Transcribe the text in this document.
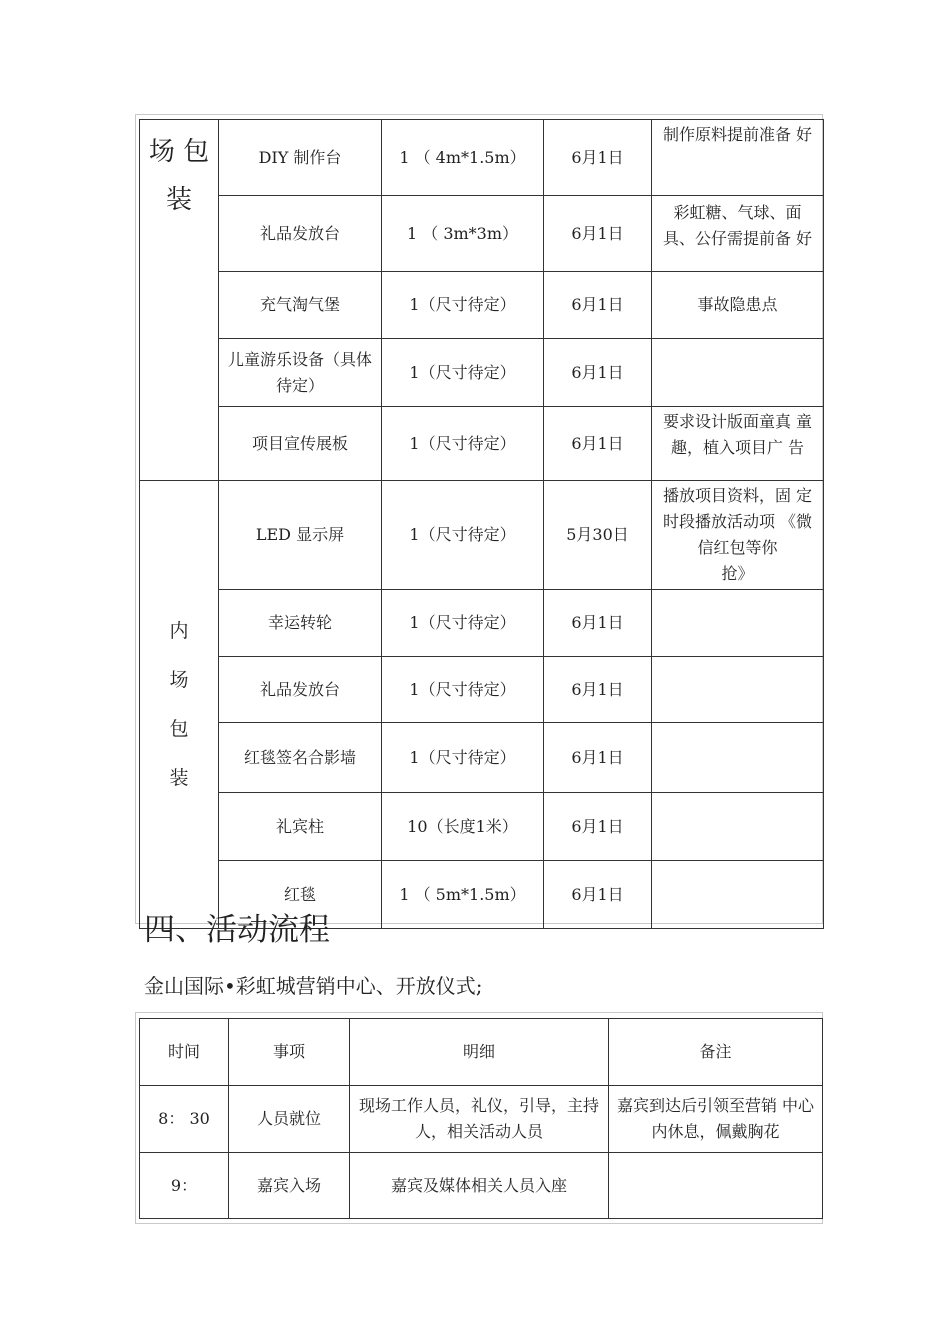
场 包
装	DIY 制作台	1 （ 4m*1.5m）	6月1日	制作原料提前准备 好
	礼品发放台	1 （ 3m*3m）	6月1日	彩虹糖、气球、面 具、公仔需提前备 好
	充气淘气堡	1（尺寸待定）	6月1日	事故隐患点
	儿童游乐设备（具体待定）	1（尺寸待定）	6月1日	
	项目宣传展板	1（尺寸待定）	6月1日	要求设计版面童真 童趣，植入项目广 告
内
场
包
装	LED 显示屏	1（尺寸待定）	5月30日	播放项目资料，固 定时段播放活动项 《微信红包等你
抢》
	幸运转轮	1（尺寸待定）	6月1日	
	礼品发放台	1（尺寸待定）	6月1日	
	红毯签名合影墙	1（尺寸待定）	6月1日	
	礼宾柱	10（长度1米）	6月1日	
	红毯	1 （ 5m*1.5m）	6月1日	
四、活动流程
金山国际•彩虹城营销中心、开放仪式;
时间	事项	明细	备注
8： 30	人员就位	现场工作人员，礼仪，引导，主持人，相关活动人员	嘉宾到达后引领至营销 中心内休息，佩戴胸花
9：	嘉宾入场	嘉宾及媒体相关人员入座	
